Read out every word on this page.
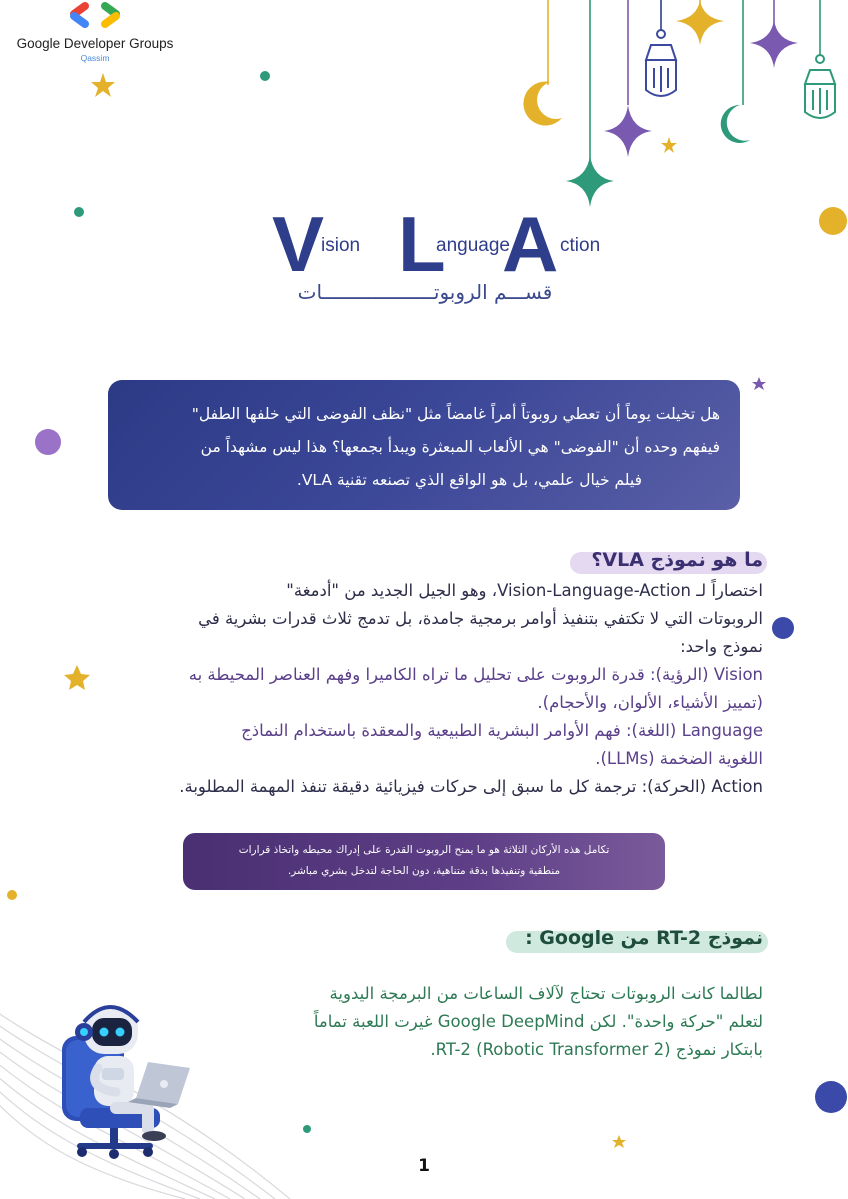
Google Developer Groups
Qassim
V
ision L
anguage
A ction
قســـم الروبوتـــــــــــــــــــات
هل تخيلت يوماً أن تعطي روبوتاً أمراً غامضاً مثل "نظف الفوضى التي خلفها الطفل"
فيفهم وحده أن "الفوضى" هي الألعاب المبعثرة ويبدأ بجمعها؟ هذا ليس مشهداً من
فيلم خيال علمي، بل هو الواقع الذي تصنعه تقنية VLA.
ما هو نموذج VLA؟

اختصاراً لـ Vision-Language-Action، وهو الجيل الجديد من "أدمغة"

الروبوتات التي لا تكتفي بتنفيذ أوامر برمجية جامدة، بل تدمج ثلاث قدرات بشرية في

نموذج واحد:

Vision (الرؤية): قدرة الروبوت على تحليل ما تراه الكاميرا وفهم العناصر المحيطة به

(تمييز الأشياء، الألوان، والأحجام).

Language (اللغة): فهم الأوامر البشرية الطبيعية والمعقدة باستخدام النماذج

اللغوية الضخمة (LLMs).

Action (الحركة): ترجمة كل ما سبق إلى حركات فيزيائية دقيقة تنفذ المهمة المطلوبة.

تكامل هذه الأركان الثلاثة هو ما يمنح الروبوت القدرة على إدراك محيطه واتخاذ قرارات
منطقية وتنفيذها بدقة متناهية، دون الحاجة لتدخل بشري مباشر.
نموذج RT-2 من Google :

لطالما كانت الروبوتات تحتاج لآلاف الساعات من البرمجة اليدوية

لتعلم "حركة واحدة". لكن Google DeepMind غيرت اللعبة تماماً

بابتكار نموذج RT-2 (Robotic Transformer 2).

1
